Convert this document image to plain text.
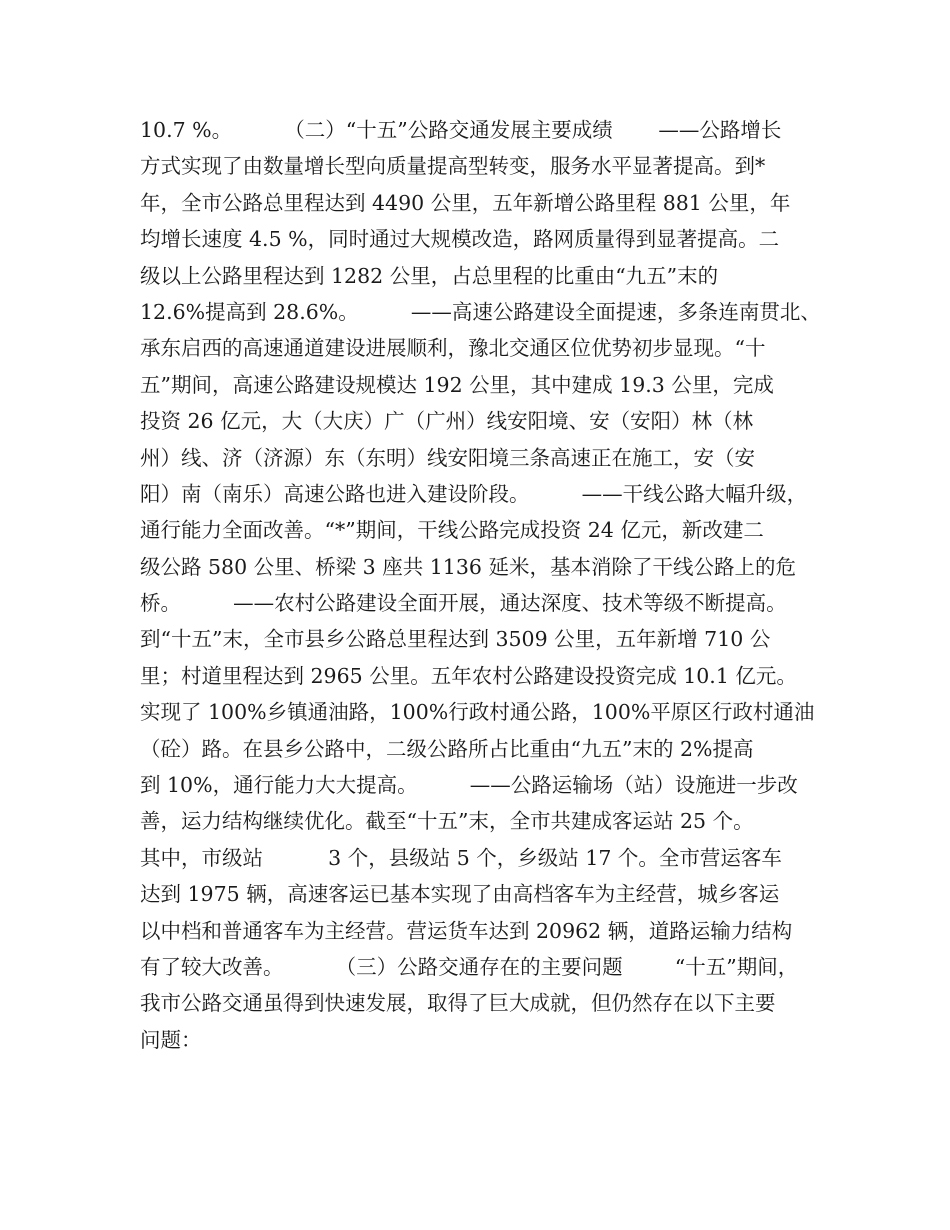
10.7 %。        （二）“十五”公路交通发展主要成绩       ——公路增长
方式实现了由数量增长型向质量提高型转变，服务水平显著提高。到*
年，全市公路总里程达到 4490 公里，五年新增公路里程 881 公里，年
均增长速度 4.5 %，同时通过大规模改造，路网质量得到显著提高。二
级以上公路里程达到 1282 公里，占总里程的比重由“九五”末的
12.6%提高到 28.6%。        ——高速公路建设全面提速，多条连南贯北、
承东启西的高速通道建设进展顺利，豫北交通区位优势初步显现。“十
五”期间，高速公路建设规模达 192 公里，其中建成 19.3 公里，完成
投资 26 亿元，大（大庆）广（广州）线安阳境、安（安阳）林（林
州）线、济（济源）东（东明）线安阳境三条高速正在施工，安（安
阳）南（南乐）高速公路也进入建设阶段。        ——干线公路大幅升级，
通行能力全面改善。“*”期间，干线公路完成投资 24 亿元，新改建二
级公路 580 公里、桥梁 3 座共 1136 延米，基本消除了干线公路上的危
桥。        ——农村公路建设全面开展，通达深度、技术等级不断提高。
到“十五”末，全市县乡公路总里程达到 3509 公里，五年新增 710 公
里；村道里程达到 2965 公里。五年农村公路建设投资完成 10.1 亿元。
实现了 100%乡镇通油路，100%行政村通公路，100%平原区行政村通油
（砼）路。在县乡公路中，二级公路所占比重由“九五”末的 2%提高
到 10%，通行能力大大提高。        ——公路运输场（站）设施进一步改
善，运力结构继续优化。截至“十五”末，全市共建成客运站 25 个。
其中，市级站          3 个，县级站 5 个，乡级站 17 个。全市营运客车
达到 1975 辆，高速客运已基本实现了由高档客车为主经营，城乡客运
以中档和普通客车为主经营。营运货车达到 20962 辆，道路运输力结构
有了较大改善。        （三）公路交通存在的主要问题        “十五”期间，
我市公路交通虽得到快速发展，取得了巨大成就，但仍然存在以下主要
问题：
